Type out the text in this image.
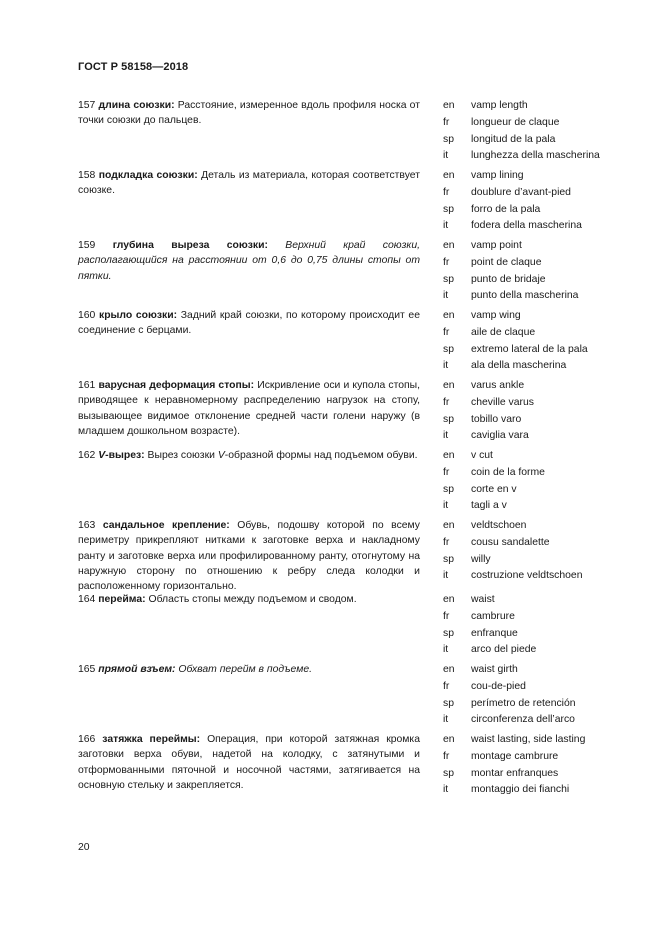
ГОСТ Р 58158—2018
157 длина союзки: Расстояние, измеренное вдоль профиля носка от точки союзки до пальцев.
en vamp length
fr longueur de claque
sp longitud de la pala
it lunghezza della mascherina
158 подкладка союзки: Деталь из материала, которая соответствует союзке.
en vamp lining
fr doublure d’avant-pied
sp forro de la pala
it fodera della mascherina
159 глубина выреза союзки: Верхний край союзки, располагающийся на расстоянии от 0,6 до 0,75 длины стопы от пятки.
en vamp point
fr point de claque
sp punto de bridaje
it punto della mascherina
160 крыло союзки: Задний край союзки, по которому происходит ее соединение с берцами.
en vamp wing
fr aile de claque
sp extremo lateral de la pala
it ala della mascherina
161 варусная деформация стопы: Искривление оси и купола стопы, приводящее к неравномерному распределению нагрузок на стопу, вызывающее видимое отклонение средней части голени наружу (в младшем дошкольном возрасте).
en varus ankle
fr cheville varus
sp tobillo varo
it caviglia vara
162 V-вырез: Вырез союзки V-образной формы над подъемом обуви. en v cut
fr coin de la forme
sp corte en v
it tagli a v
163 сандальное крепление: Обувь, подошву которой по всему периметру прикрепляют нитками к заготовке верха и накладному ранту и заготовке верха или профилированному ранту, отогнутому на наружную сторону по отношению к ребру следа колодки и расположенному горизонтально.
en veldtschoen
fr cousu sandalette
sp willy
it costruzione veldtschoen
164 перейма: Область стопы между подъемом и сводом.	en waist
fr cambrure
sp enfranque
it arco del piede
165 прямой взъем: Обхват перейм в подъеме.	en waist girth
fr cou-de-pied
sp perímetro de retención
it circonferenza dell’arco
166 затяжка переймы: Операция, при которой затяжная кромка заготовки верха обуви, надетой на колодку, с затянутыми и отформованными пяточной и носочной частями, затягивается на основную стельку и закрепляется.
en waist lasting, side lasting
fr montage cambrure
sp montar enfranques
it montaggio dei fianchi
20
